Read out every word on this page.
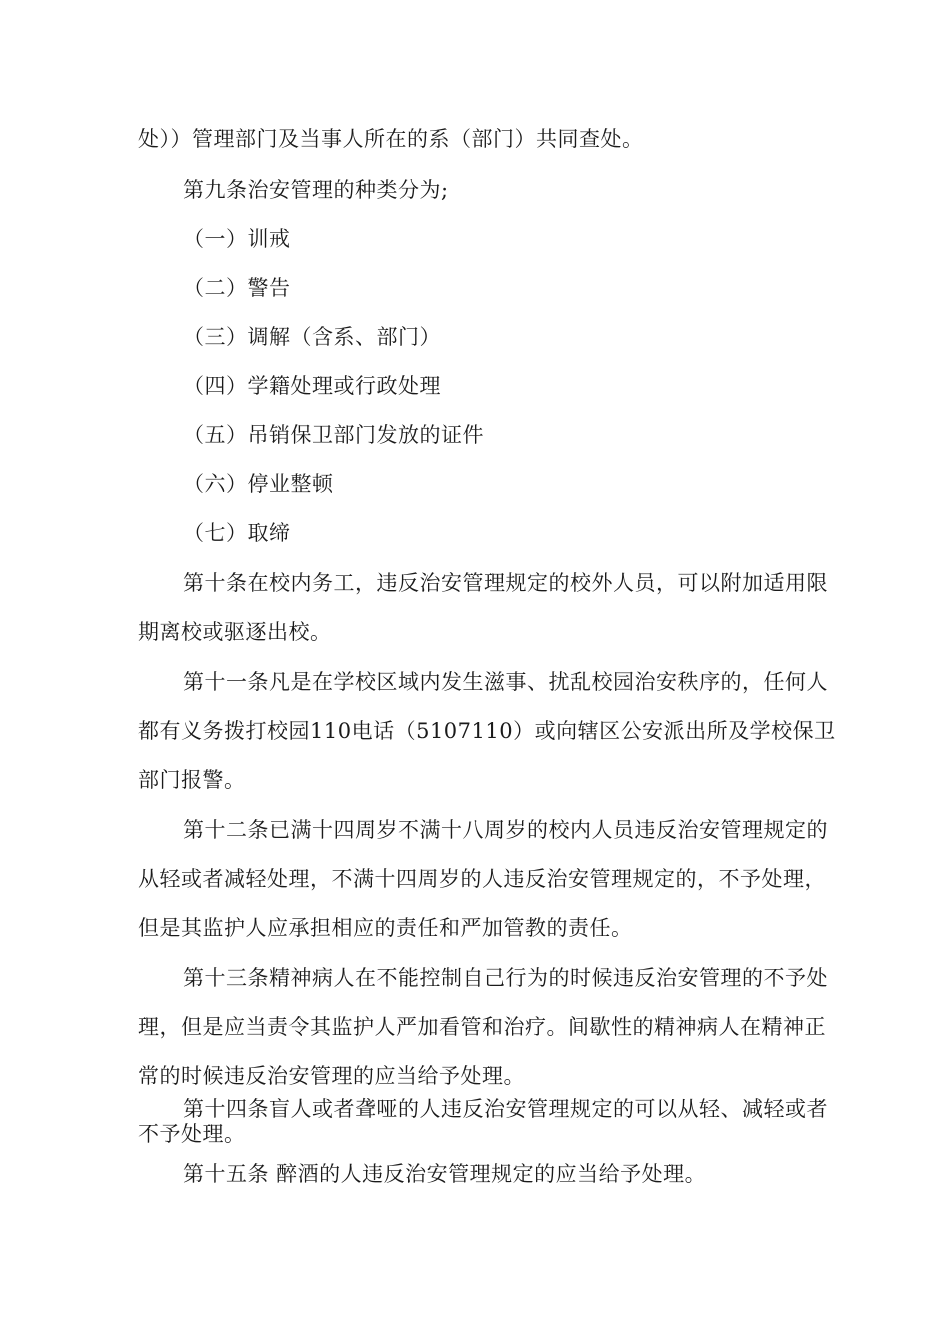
处））管理部门及当事人所在的系（部门）共同查处。
第九条治安管理的种类分为;
（一）训戒
（二）警告
（三）调解（含系、部门）
（四）学籍处理或行政处理
（五）吊销保卫部门发放的证件
（六）停业整顿
（七）取缔
第十条在校内务工，违反治安管理规定的校外人员，可以附加适用限
期离校或驱逐出校。
第十一条凡是在学校区域内发生滋事、扰乱校园治安秩序的，任何人
都有义务拨打校园110电话（5107110）或向辖区公安派出所及学校保卫
部门报警。
第十二条已满十四周岁不满十八周岁的校内人员违反治安管理规定的
从轻或者减轻处理，不满十四周岁的人违反治安管理规定的，不予处理，
但是其监护人应承担相应的责任和严加管教的责任。
第十三条精神病人在不能控制自己行为的时候违反治安管理的不予处
理，但是应当责令其监护人严加看管和治疗。间歇性的精神病人在精神正
常的时候违反治安管理的应当给予处理。
第十四条盲人或者聋哑的人违反治安管理规定的可以从轻、减轻或者
不予处理。
第十五条 醉酒的人违反治安管理规定的应当给予处理。
